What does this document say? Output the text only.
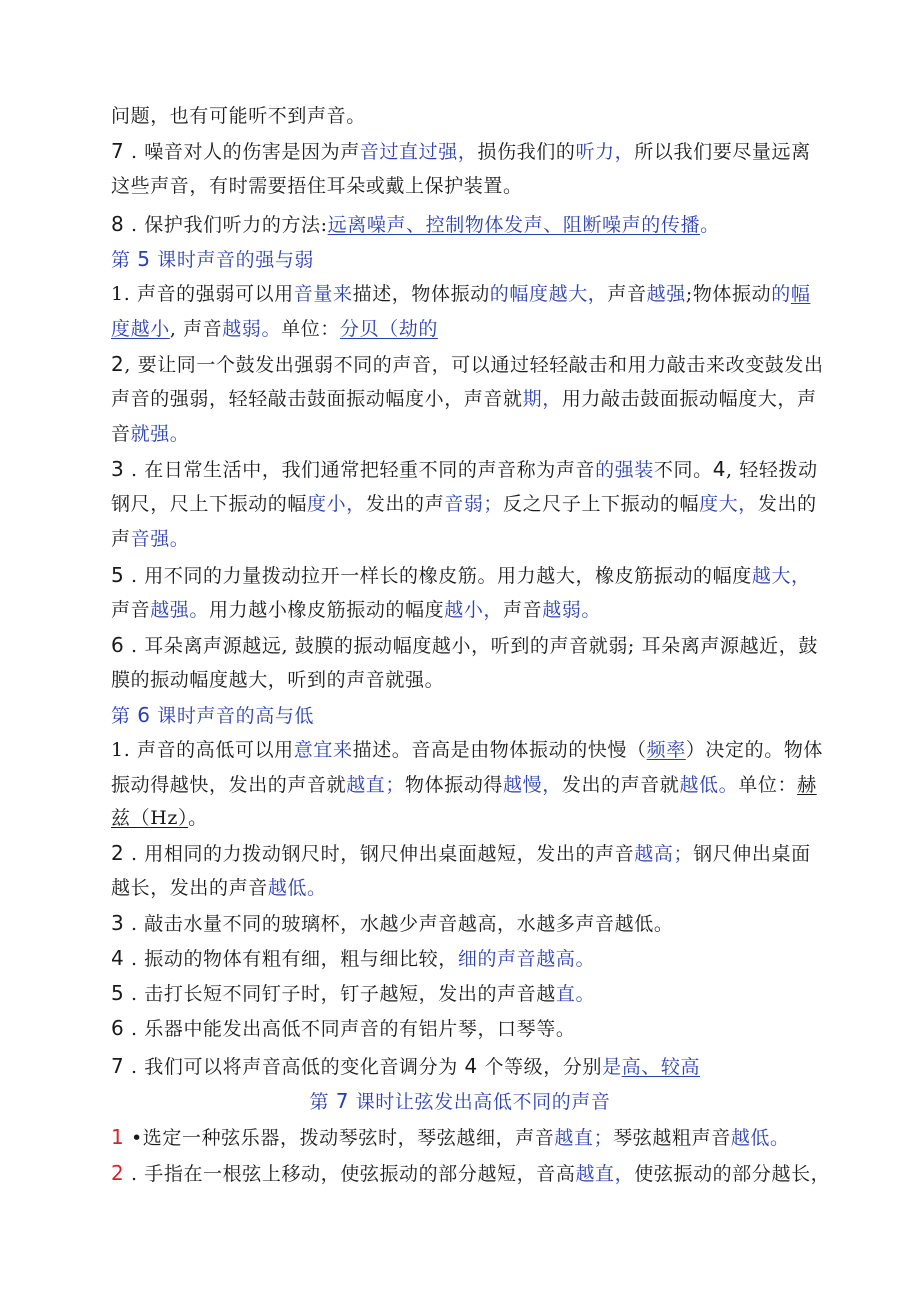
问题，也有可能听不到声音。
7 . 噪音对人的伤害是因为声音过直过强，损伤我们的听力，所以我们要尽量远离
这些声音，有时需要捂住耳朵或戴上保护装置。
8 . 保护我们听力的方法:远离噪声、控制物体发声、阻断噪声的传播。
第 5 课时声音的强与弱
1. 声音的强弱可以用音量来描述，物体振动的幅度越大，声音越强;物体振动的幅
度越小, 声音越弱。单位：分贝（劫的
2, 要让同一个鼓发出强弱不同的声音，可以通过轻轻敲击和用力敲击来改变鼓发出
声音的强弱，轻轻敲击鼓面振动幅度小，声音就期，用力敲击鼓面振动幅度大，声
音就强。
3 . 在日常生活中，我们通常把轻重不同的声音称为声音的强装不同。4, 轻轻拨动
钢尺，尺上下振动的幅度小，发出的声音弱；反之尺子上下振动的幅度大，发出的
声音强。
5 . 用不同的力量拨动拉开一样长的橡皮筋。用力越大，橡皮筋振动的幅度越大，
声音越强。用力越小橡皮筋振动的幅度越小，声音越弱。
6 . 耳朵离声源越远, 鼓膜的振动幅度越小，听到的声音就弱; 耳朵离声源越近，鼓
膜的振动幅度越大，听到的声音就强。
第 6 课时声音的高与低
1. 声音的高低可以用意宜来描述。音高是由物体振动的快慢（频率）决定的。物体
振动得越快，发出的声音就越直；物体振动得越慢，发出的声音就越低。单位：赫
兹（Hz）。
2 . 用相同的力拨动钢尺时，钢尺伸出桌面越短，发出的声音越高；钢尺伸出桌面
越长，发出的声音越低。
3 . 敲击水量不同的玻璃杯，水越少声音越高，水越多声音越低。
4 . 振动的物体有粗有细，粗与细比较，细的声音越高。
5 . 击打长短不同钉子时，钉子越短，发出的声音越直。
6 . 乐器中能发出高低不同声音的有铝片琴，口琴等。
7 . 我们可以将声音高低的变化音调分为 4 个等级，分别是高、较高
第 7 课时让弦发出高低不同的声音
1 •选定一种弦乐器，拨动琴弦时，琴弦越细，声音越直；琴弦越粗声音越低。
2 . 手指在一根弦上移动，使弦振动的部分越短，音高越直，使弦振动的部分越长，
